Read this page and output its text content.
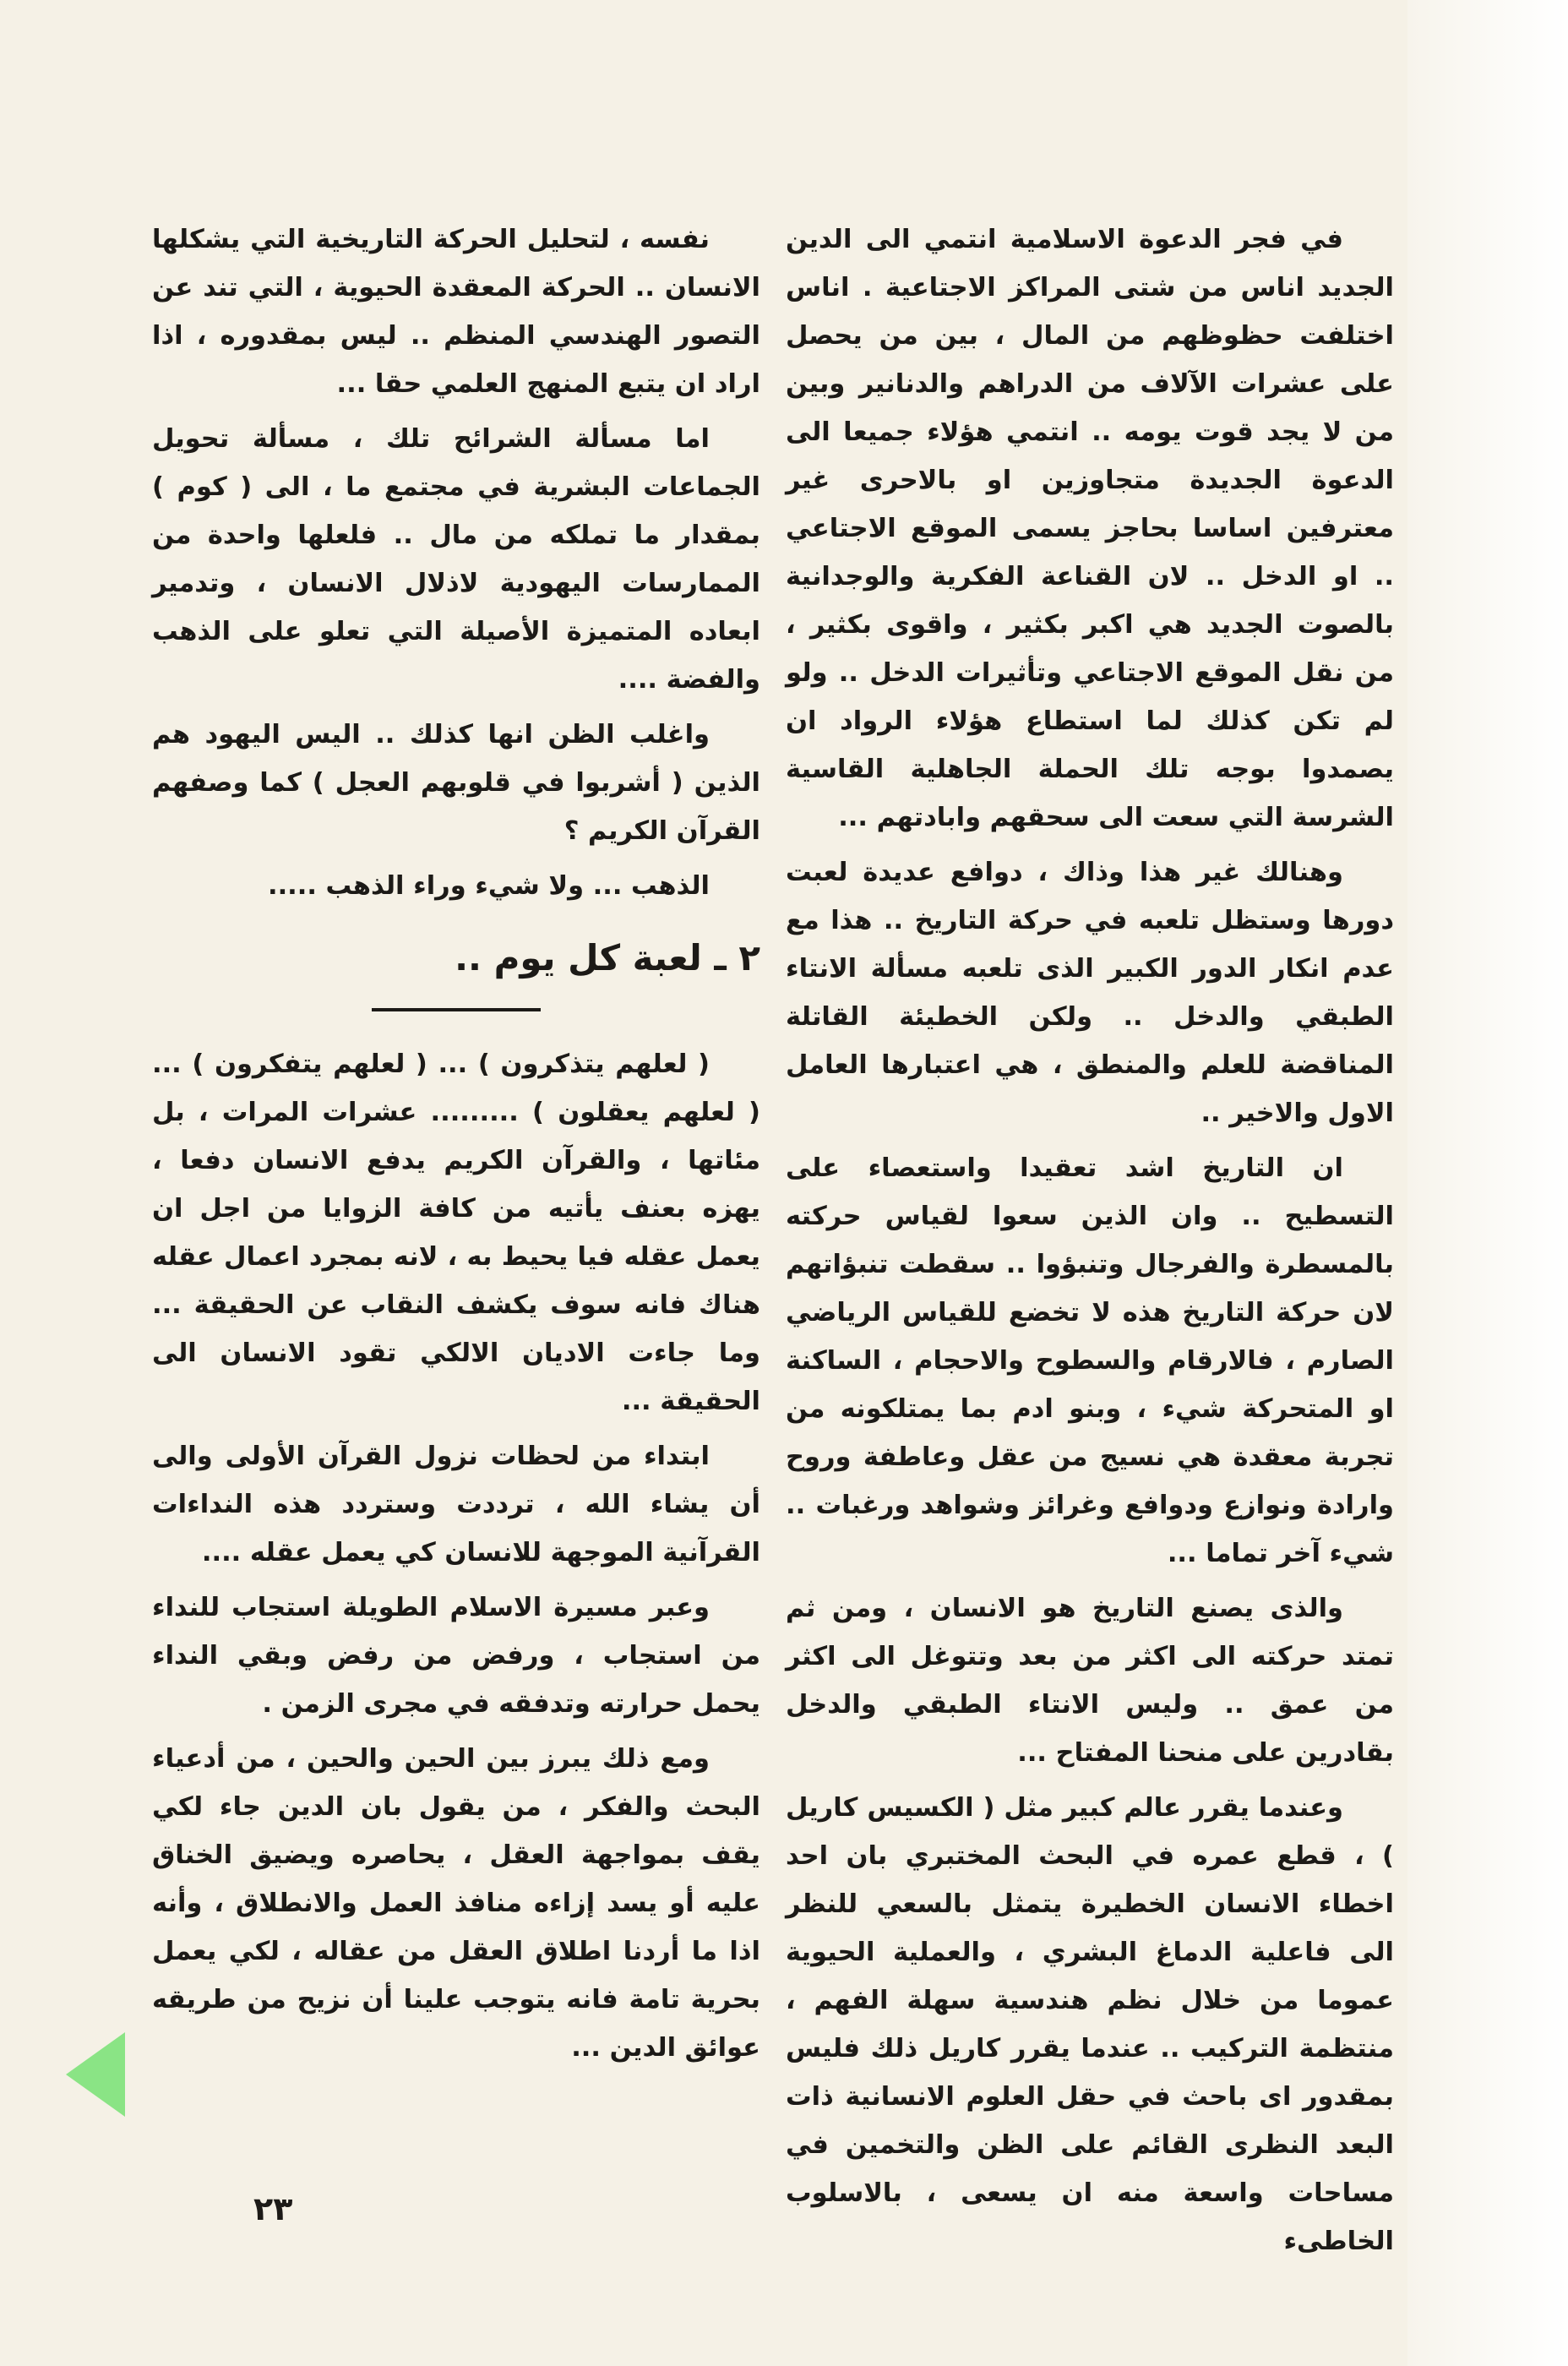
في فجر الدعوة الاسلامية انتمي الى الدين الجديد اناس من شتى المراكز الاجتاعية . اناس اختلفت حظوظهم من المال ، بين من يحصل على عشرات الآلاف من الدراهم والدنانير وبين من لا يجد قوت يومه .. انتمي هؤلاء جميعا الى الدعوة الجديدة متجاوزين او بالاحرى غير معترفين اساسا بحاجز يسمى الموقع الاجتاعي .. او الدخل .. لان القناعة الفكرية والوجدانية بالصوت الجديد هي اكبر بكثير ، واقوى بكثير ، من نقل الموقع الاجتاعي وتأثيرات الدخل .. ولو لم تكن كذلك لما استطاع هؤلاء الرواد ان يصمدوا بوجه تلك الحملة الجاهلية القاسية الشرسة التي سعت الى سحقهم وابادتهم ...

وهنالك غير هذا وذاك ، دوافع عديدة لعبت دورها وستظل تلعبه في حركة التاريخ .. هذا مع عدم انكار الدور الكبير الذى تلعبه مسألة الانتاء الطبقي والدخل .. ولكن الخطيئة القاتلة المناقضة للعلم والمنطق ، هي اعتبارها العامل الاول والاخير ..

ان التاريخ اشد تعقيدا واستعصاء على التسطيح .. وان الذين سعوا لقياس حركته بالمسطرة والفرجال وتنبؤوا .. سقطت تنبؤاتهم لان حركة التاريخ هذه لا تخضع للقياس الرياضي الصارم ، فالارقام والسطوح والاحجام ، الساكنة او المتحركة شيء ، وبنو ادم بما يمتلكونه من تجربة معقدة هي نسيج من عقل وعاطفة وروح وارادة ونوازع ودوافع وغرائز وشواهد ورغبات .. شيء آخر تماما ...

والذى يصنع التاريخ هو الانسان ، ومن ثم تمتد حركته الى اكثر من بعد وتتوغل الى اكثر من عمق .. وليس الانتاء الطبقي والدخل بقادرين على منحنا المفتاح ...

وعندما يقرر عالم كبير مثل ( الكسيس كاريل ) ، قطع عمره في البحث المختبري بان احد اخطاء الانسان الخطيرة يتمثل بالسعي للنظر الى فاعلية الدماغ البشري ، والعملية الحيوية عموما من خلال نظم هندسية سهلة الفهم ، منتظمة التركيب .. عندما يقرر كاريل ذلك فليس بمقدور اى باحث في حقل العلوم الانسانية ذات البعد النظرى القائم على الظن والتخمين في مساحات واسعة منه ان يسعى ، بالاسلوب الخاطىء

نفسه ، لتحليل الحركة التاريخية التي يشكلها الانسان .. الحركة المعقدة الحيوية ، التي تند عن التصور الهندسي المنظم .. ليس بمقدوره ، اذا اراد ان يتبع المنهج العلمي حقا ...

اما مسألة الشرائح تلك ، مسألة تحويل الجماعات البشرية في مجتمع ما ، الى ( كوم ) بمقدار ما تملكه من مال .. فلعلها واحدة من الممارسات اليهودية لاذلال الانسان ، وتدمير ابعاده المتميزة الأصيلة التي تعلو على الذهب والفضة ....

واغلب الظن انها كذلك .. اليس اليهود هم الذين ( أشربوا في قلوبهم العجل ) كما وصفهم القرآن الكريم ؟

الذهب ... ولا شيء وراء الذهب .....

٢ ـ لعبة كل يوم ..

( لعلهم يتذكرون ) ... ( لعلهم يتفكرون ) ... ( لعلهم يعقلون ) ......... عشرات المرات ، بل مئاتها ، والقرآن الكريم يدفع الانسان دفعا ، يهزه بعنف يأتيه من كافة الزوايا من اجل ان يعمل عقله فيا يحيط به ، لانه بمجرد اعمال عقله هناك فانه سوف يكشف النقاب عن الحقيقة ... وما جاءت الاديان الالكي تقود الانسان الى الحقيقة ...

ابتداء من لحظات نزول القرآن الأولى والى أن يشاء الله ، ترددت وستردد هذه النداءات القرآنية الموجهة للانسان كي يعمل عقله ....

وعبر مسيرة الاسلام الطويلة استجاب للنداء من استجاب ، ورفض من رفض وبقي النداء يحمل حرارته وتدفقه في مجرى الزمن .

ومع ذلك يبرز بين الحين والحين ، من أدعياء البحث والفكر ، من يقول بان الدين جاء لكي يقف بمواجهة العقل ، يحاصره ويضيق الخناق عليه أو يسد إزاءه منافذ العمل والانطلاق ، وأنه اذا ما أردنا اطلاق العقل من عقاله ، لكي يعمل بحرية تامة فانه يتوجب علينا أن نزيح من طريقه عوائق الدين ...

٢٣
